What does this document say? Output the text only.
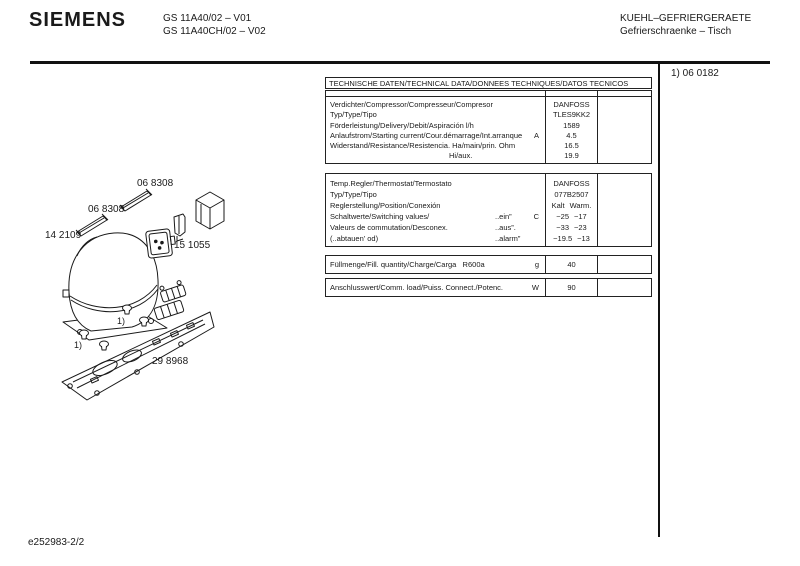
SIEMENS	GS 11A40/02 – V01
GS 11A40CH/02 – V02
KUEHL–GEFRIERGERAETE
Gefrierschraenke – Tisch
1) 06 0182
e252983-2/2
TECHNISCHE DATEN/TECHNICAL DATA/DONNEES TECHNIQUES/DATOS TECNICOS
Verdichter/Compressor/Compresseur/Compresor	DANFOSS
Typ/Type/Tipo	TLES9KK2
Förderleistung/Delivery/Debit/Aspiración l/h	1589
Anlaufstrom/Starting current/Cour.démarrage/Int.arranque	A	4.5
Widerstand/Resistance/Resistencia. Ha/main/prin. Ohm	16.5
Hi/aux.	19.9
Temp.Regler/Thermostat/Termostato	DANFOSS
Typ/Type/Tipo	077B2507
Reglerstellung/Position/Conexión	Kalt Warm.
Schaltwerte/Switching values/	..ein”	C −25 −17
Valeurs de commutation/Desconex.	..aus”.	−33 −23
(..abtauen’ od)	..alarm”	−19.5 −13
Füllmenge/Fill. quantity/Charge/Carga   R600a	g	40
Anschlusswert/Comm. load/Puiss. Connect./Potenc.	W	90
06 8308
06 8308
14 2109
15 1055
29 8968
1)
1)
